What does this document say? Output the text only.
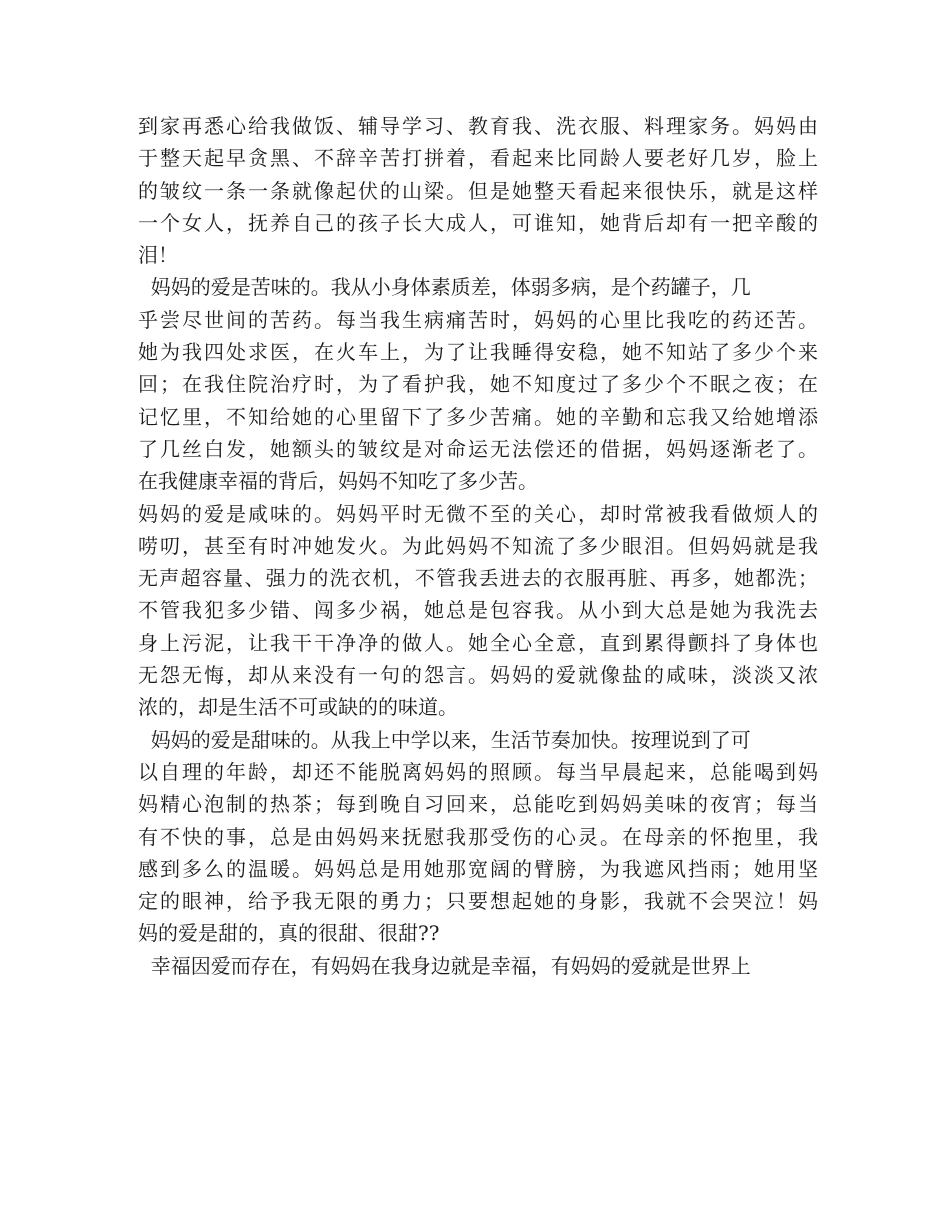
到家再悉心给我做饭、辅导学习、教育我、洗衣服、料理家务。妈妈由
于整天起早贪黑、不辞辛苦打拼着，看起来比同龄人要老好几岁，脸上
的皱纹一条一条就像起伏的山梁。但是她整天看起来很快乐，就是这样
一个女人，抚养自己的孩子长大成人，可谁知，她背后却有一把辛酸的
泪！
妈妈的爱是苦味的。我从小身体素质差，体弱多病，是个药罐子，几
乎尝尽世间的苦药。每当我生病痛苦时，妈妈的心里比我吃的药还苦。
她为我四处求医，在火车上，为了让我睡得安稳，她不知站了多少个来
回；在我住院治疗时，为了看护我，她不知度过了多少个不眠之夜；在
记忆里，不知给她的心里留下了多少苦痛。她的辛勤和忘我又给她增添
了几丝白发，她额头的皱纹是对命运无法偿还的借据，妈妈逐渐老了。
在我健康幸福的背后，妈妈不知吃了多少苦。
妈妈的爱是咸味的。妈妈平时无微不至的关心，却时常被我看做烦人的
唠叨，甚至有时冲她发火。为此妈妈不知流了多少眼泪。但妈妈就是我
无声超容量、强力的洗衣机，不管我丢进去的衣服再脏、再多，她都洗；
不管我犯多少错、闯多少祸，她总是包容我。从小到大总是她为我洗去
身上污泥，让我干干净净的做人。她全心全意，直到累得颤抖了身体也
无怨无悔，却从来没有一句的怨言。妈妈的爱就像盐的咸味，淡淡又浓
浓的，却是生活不可或缺的的味道。
妈妈的爱是甜味的。从我上中学以来，生活节奏加快。按理说到了可
以自理的年龄，却还不能脱离妈妈的照顾。每当早晨起来，总能喝到妈
妈精心泡制的热茶；每到晚自习回来，总能吃到妈妈美味的夜宵；每当
有不快的事，总是由妈妈来抚慰我那受伤的心灵。在母亲的怀抱里，我
感到多么的温暖。妈妈总是用她那宽阔的臂膀，为我遮风挡雨；她用坚
定的眼神，给予我无限的勇力；只要想起她的身影，我就不会哭泣！妈
妈的爱是甜的，真的很甜、很甜??
幸福因爱而存在，有妈妈在我身边就是幸福，有妈妈的爱就是世界上
